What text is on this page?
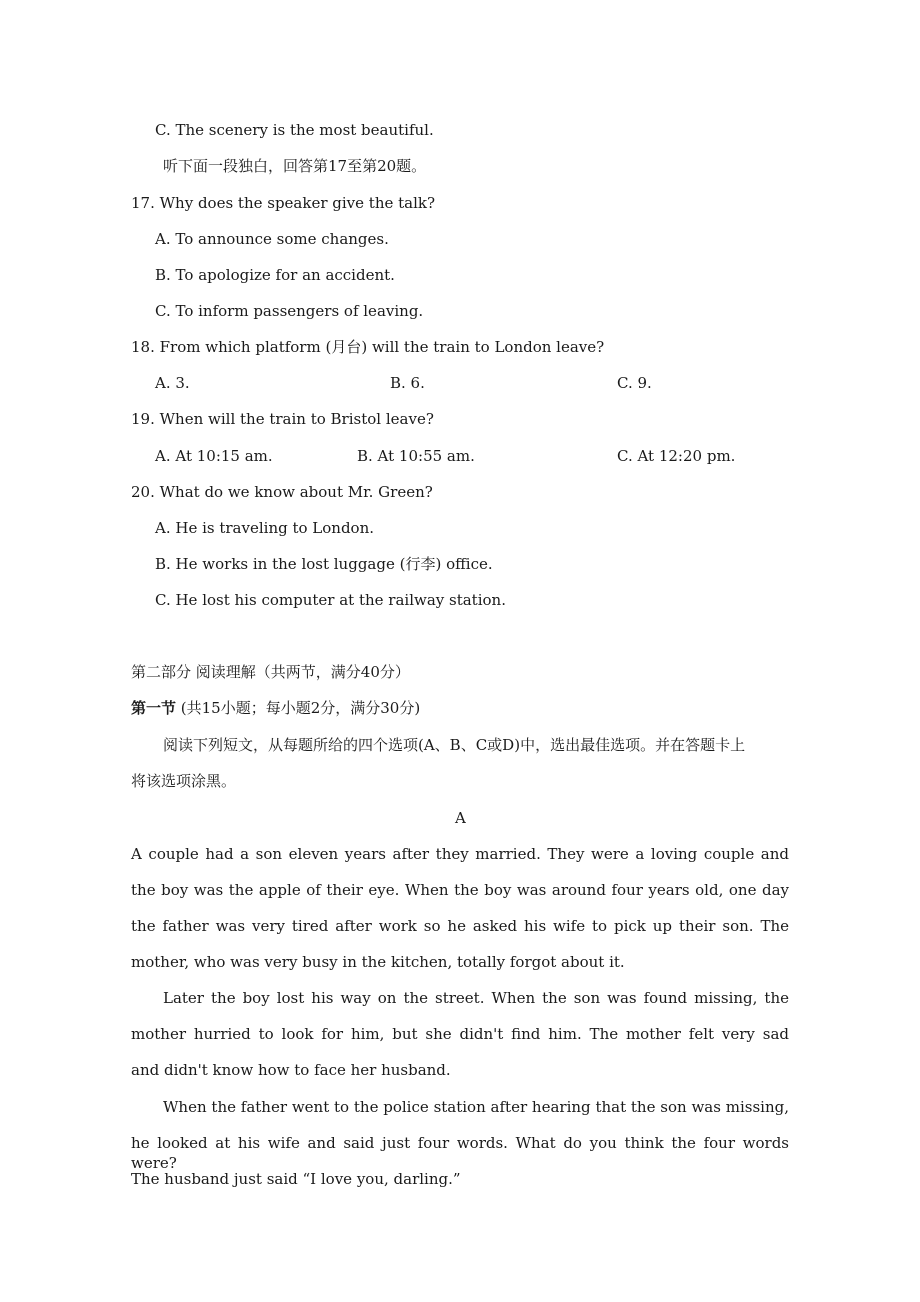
C. The scenery is the most beautiful.
听下面一段独白，回答第17至第20题。
17. Why does the speaker give the talk?
A. To announce some changes.
B. To apologize for an accident.
C. To inform passengers of leaving.
18. From which platform (月台) will the train to London leave?
A. 3.	B. 6.	C. 9.
19. When will the train to Bristol leave?
A. At 10:15 am.	B. At 10:55 am.	C. At 12:20 pm.
20. What do we know about Mr. Green?
A. He is traveling to London.
B. He works in the lost luggage (行李) office.
C. He lost his computer at the railway station.
第二部分 阅读理解（共两节，满分40分）
第一节 (共15小题；每小题2分，满分30分)
阅读下列短文，从每题所给的四个选项(A、B、C或D)中，选出最佳选项。并在答题卡上
将该选项涂黑。
A
A couple had a son eleven years after they married. They were a loving couple and
the boy was the apple of their eye. When the boy was around four years old, one day
the father was very tired after work so he asked his wife to pick up their son. The
mother, who was very busy in the kitchen, totally forgot about it.
Later the boy lost his way on the street. When the son was found missing, the
mother hurried to look for him, but she didn't find him. The mother felt very sad
and didn't know how to face her husband.
When the father went to the police station after hearing that the son was missing,
he looked at his wife and said just four words. What do you think the four words were?
The husband just said “I love you, darling.”
